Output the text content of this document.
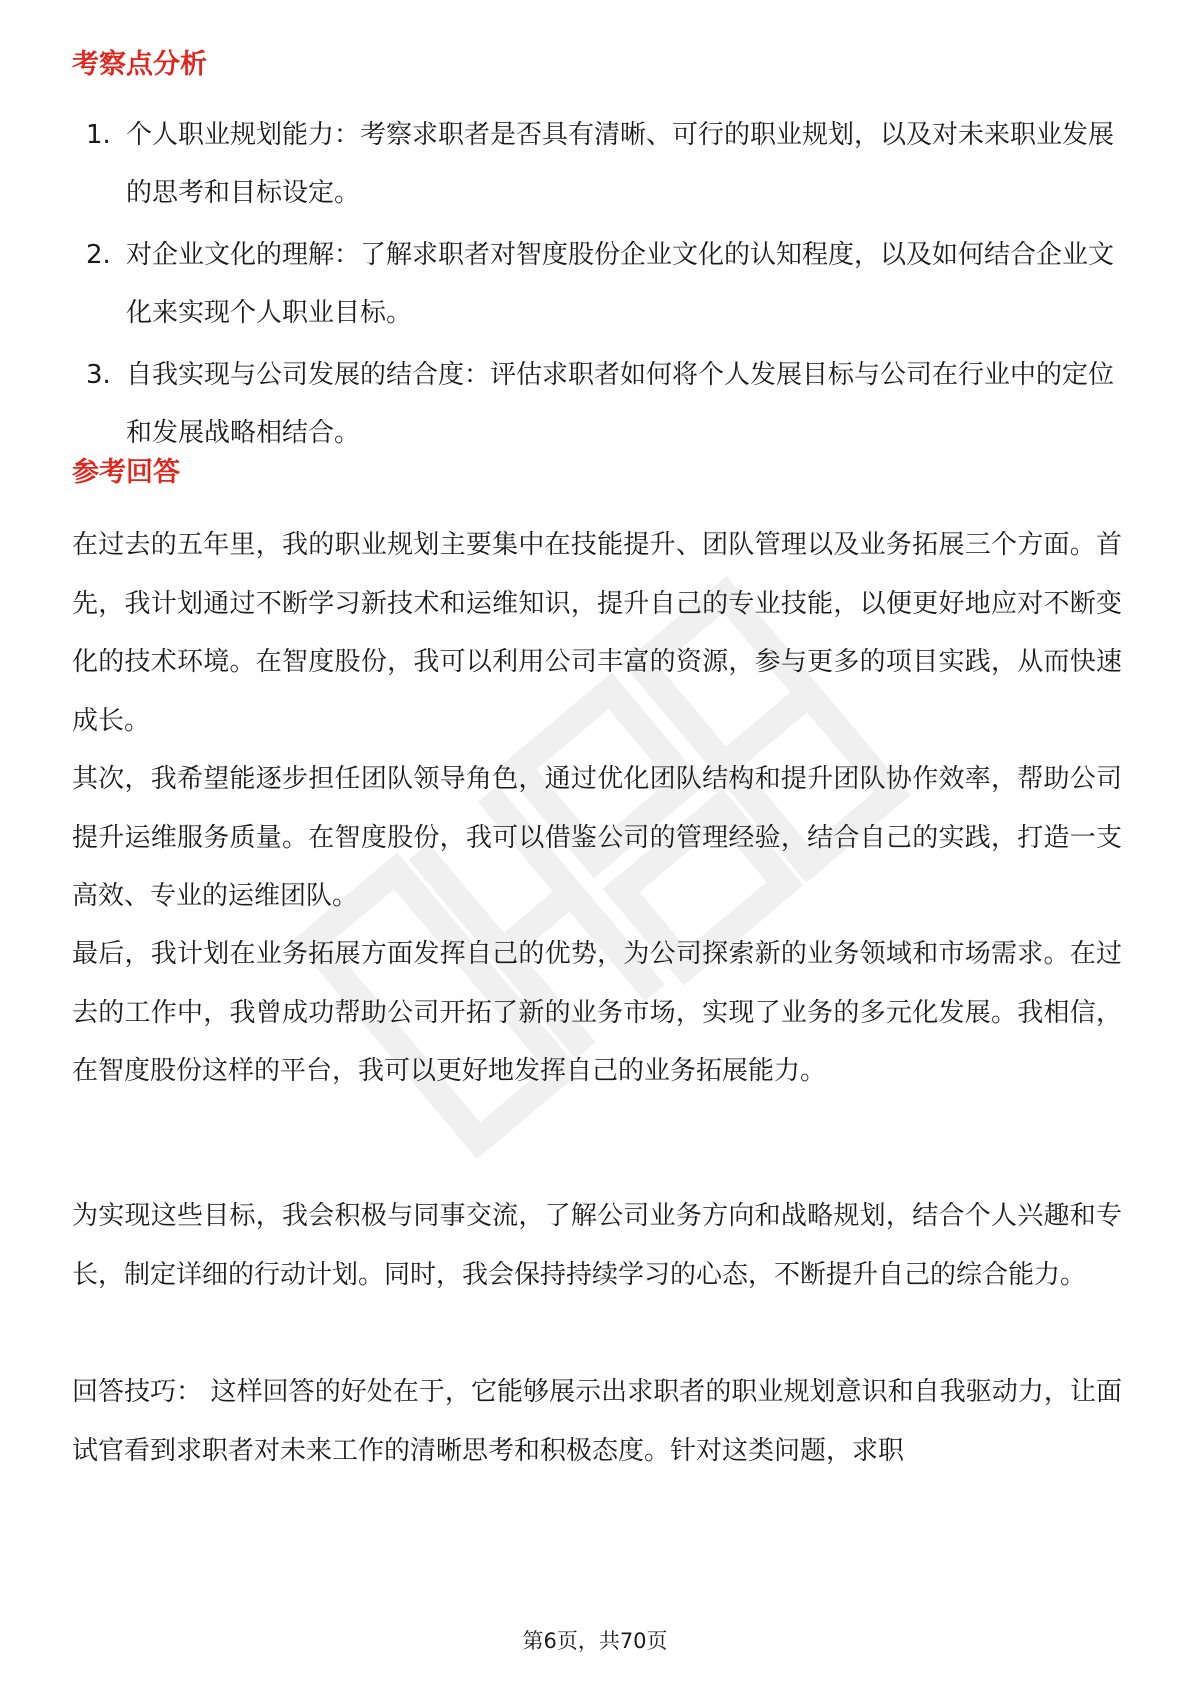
考察点分析
1. 个人职业规划能力：考察求职者是否具有清晰、可行的职业规划，以及对未来职业发展的思考和目标设定。
2. 对企业文化的理解：了解求职者对智度股份企业文化的认知程度，以及如何结合企业文化来实现个人职业目标。
3. 自我实现与公司发展的结合度：评估求职者如何将个人发展目标与公司在行业中的定位和发展战略相结合。
参考回答

在过去的五年里，我的职业规划主要集中在技能提升、团队管理以及业务拓展三个方面。首先，我计划通过不断学习新技术和运维知识，提升自己的专业技能，以便更好地应对不断变化的技术环境。在智度股份，我可以利用公司丰富的资源，参与更多的项目实践，从而快速成长。

其次，我希望能逐步担任团队领导角色，通过优化团队结构和提升团队协作效率，帮助公司提升运维服务质量。在智度股份，我可以借鉴公司的管理经验，结合自己的实践，打造一支高效、专业的运维团队。

最后，我计划在业务拓展方面发挥自己的优势，为公司探索新的业务领域和市场需求。在过去的工作中，我曾成功帮助公司开拓了新的业务市场，实现了业务的多元化发展。我相信，在智度股份这样的平台，我可以更好地发挥自己的业务拓展能力。

为实现这些目标，我会积极与同事交流，了解公司业务方向和战略规划，结合个人兴趣和专长，制定详细的行动计划。同时，我会保持持续学习的心态，不断提升自己的综合能力。

回答技巧： 这样回答的好处在于，它能够展示出求职者的职业规划意识和自我驱动力，让面试官看到求职者对未来工作的清晰思考和积极态度。针对这类问题，求职

第6页，共70页
